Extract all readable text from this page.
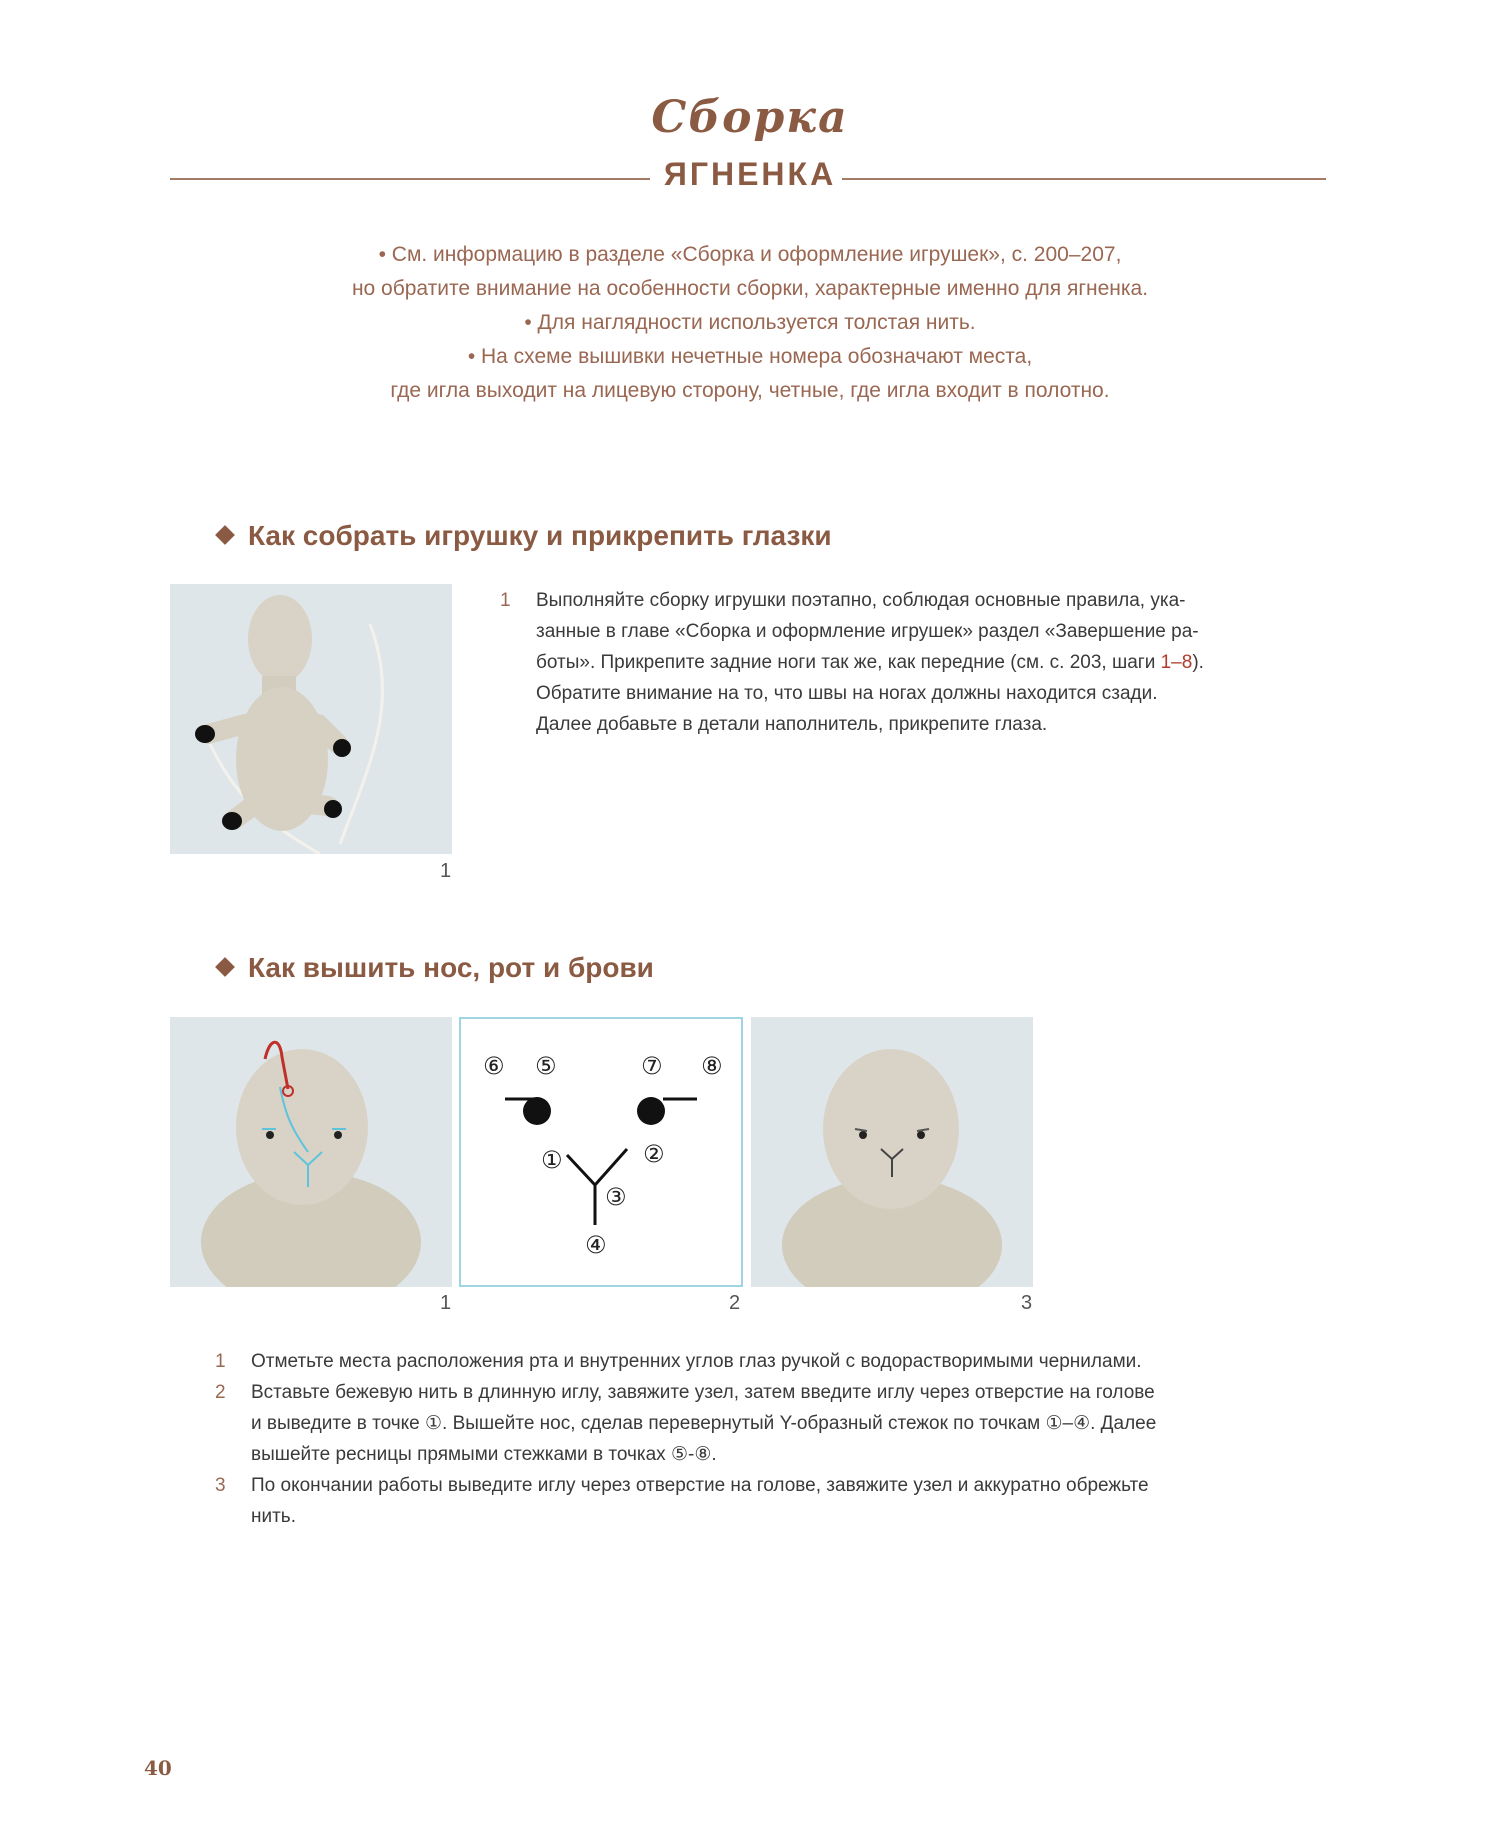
Сборка
ЯГНЕНКА
• См. информацию в разделе «Сборка и оформление игрушек», с. 200–207,
но обратите внимание на особенности сборки, характерные именно для ягненка.
• Для наглядности используется толстая нить.
• На схеме вышивки нечетные номера обозначают места,
где игла выходит на лицевую сторону, четные, где игла входит в полотно.
Как собрать игрушку и прикрепить глазки
1
1	Выполняйте сборку игрушки поэтапно, соблюдая основные правила, ука-
занные в главе «Сборка и оформление игрушек» раздел «Завершение ра-
боты». Прикрепите задние ноги так же, как передние (см. с. 203, шаги 1–8).
Обратите внимание на то, что швы на ногах должны находится сзади.
Далее добавьте в детали наполнитель, прикрепите глаза.
Как вышить нос, рот и брови
1
⑥ ⑤	⑦ ⑧
①	②
③
④
2	3
1	Отметьте места расположения рта и внутренних углов глаз ручкой с водорастворимыми чернилами.
2	Вставьте бежевую нить в длинную иглу, завяжите узел, затем введите иглу через отверстие на голове
и выведите в точке ①. Вышейте нос, сделав перевернутый Y-образный стежок по точкам ①–④. Далее
вышейте ресницы прямыми стежками в точках ⑤-⑧.
3	По окончании работы выведите иглу через отверстие на голове, завяжите узел и аккуратно обрежьте
нить.
40
